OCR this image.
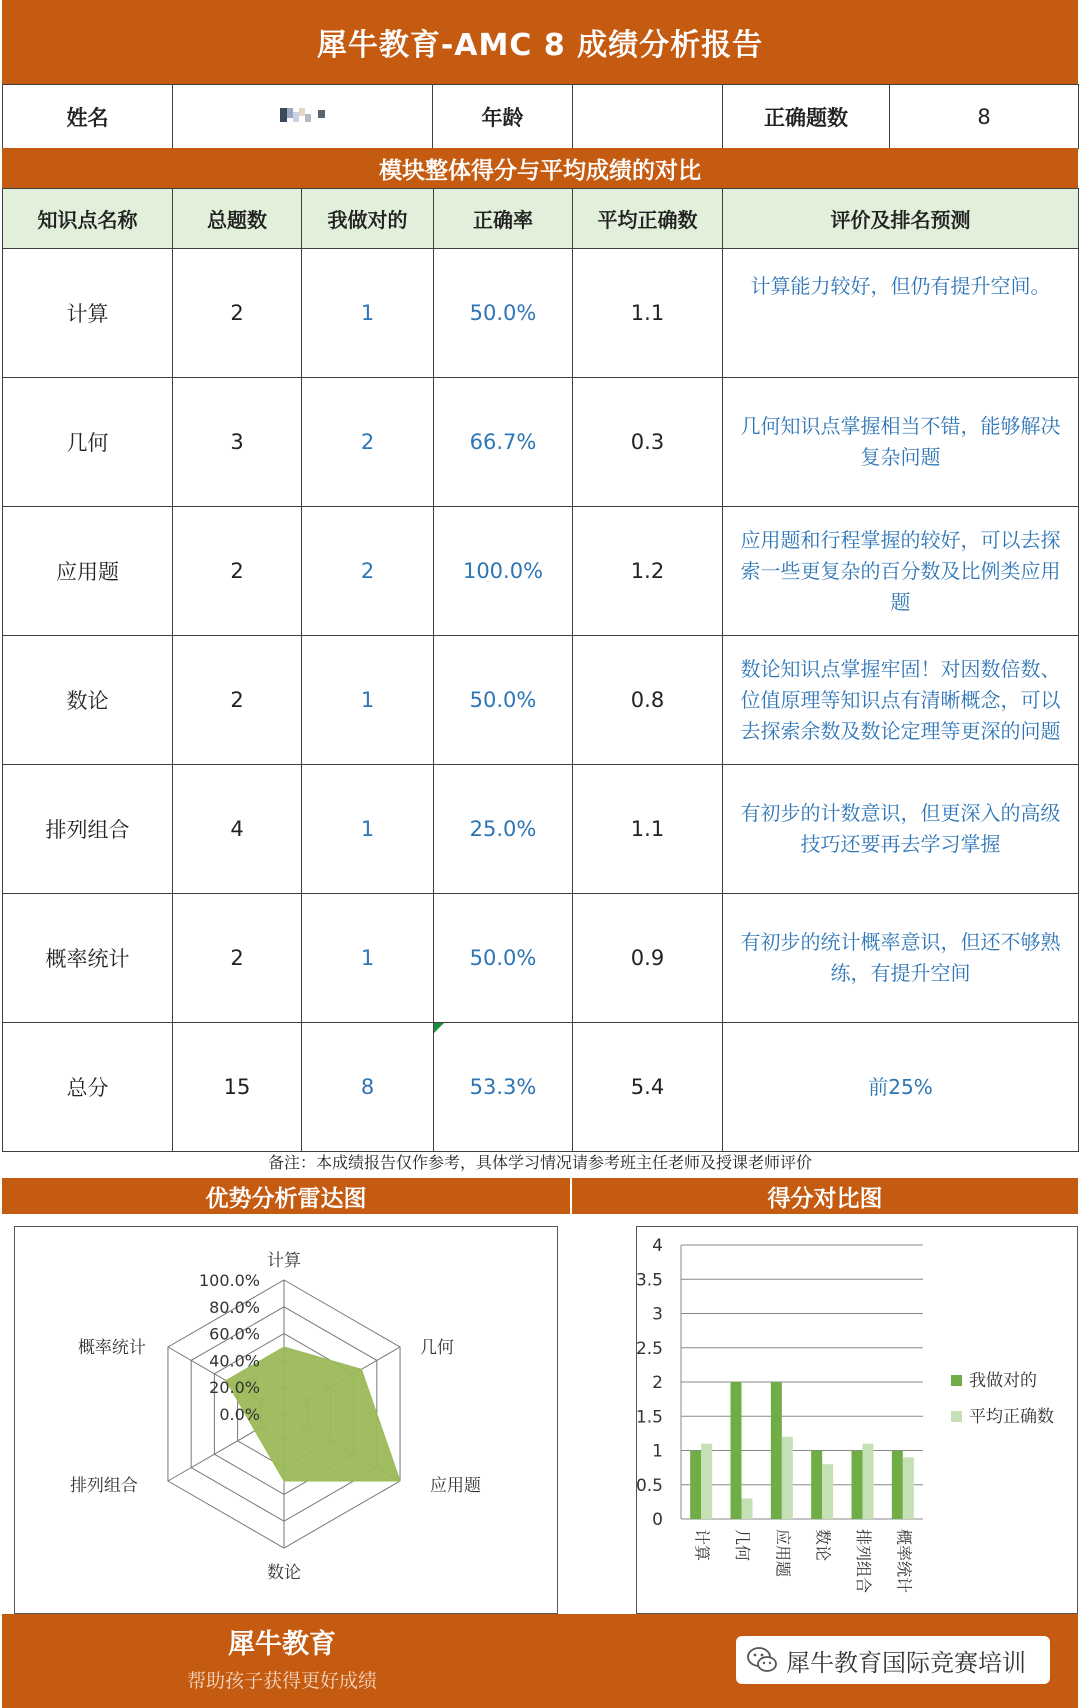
犀牛教育-AMC 8 成绩分析报告
姓名		年龄		正确题数	8
模块整体得分与平均成绩的对比
知识点名称	总题数	我做对的	正确率	平均正确数	评价及排名预测
计算	2	1	50.0%	1.1	计算能力较好，但仍有提升空间。
几何	3	2	66.7%	0.3	几何知识点掌握相当不错，能够解决复杂问题
应用题	2	2	100.0%	1.2	应用题和行程掌握的较好，可以去探索一些更复杂的百分数及比例类应用题
数论	2	1	50.0%	0.8	数论知识点掌握牢固！对因数倍数、位值原理等知识点有清晰概念，可以去探索余数及数论定理等更深的问题
排列组合	4	1	25.0%	1.1	有初步的计数意识，但更深入的高级技巧还要再去学习掌握
概率统计	2	1	50.0%	0.9	有初步的统计概率意识，但还不够熟练，有提升空间
总分	15	8	53.3%	5.4	前25%
备注：本成绩报告仅作参考，具体学习情况请参考班主任老师及授课老师评价
优势分析雷达图	得分对比图
100.0%
80.0%
60.0%
40.0%
20.0%
0.0%
计算
几何
应用题
数论
排列组合
概率统计
4
3.5
3
2.5
2
1.5
1
0.5
0
计算 几何 应用题 数论 排列组合 概率统计
我做对的
平均正确数
犀牛教育
帮助孩子获得更好成绩
犀牛教育国际竞赛培训
